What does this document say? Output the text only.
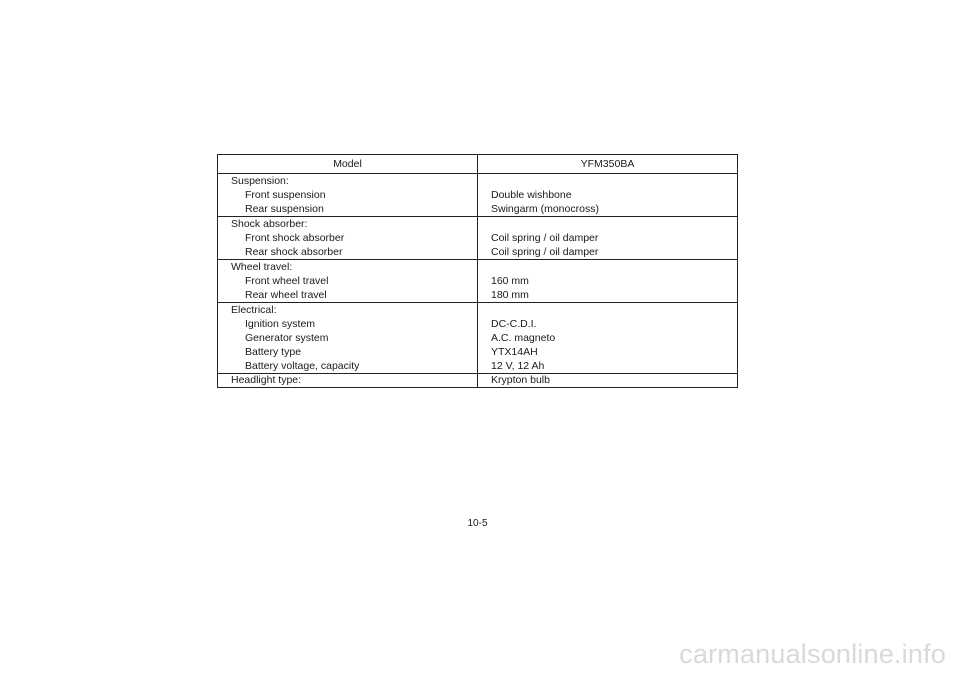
Model	YFM350BA
Suspension:
Front suspension
Rear suspension
Double wishbone
Swingarm (monocross)
Shock absorber:
Front shock absorber
Rear shock absorber
Coil spring / oil damper
Coil spring / oil damper
Wheel travel:
Front wheel travel
Rear wheel travel
160 mm
180 mm
Electrical:
Ignition system
Generator system
Battery type
Battery voltage, capacity
DC-C.D.I.
A.C. magneto
YTX14AH
12 V, 12 Ah
Headlight type:	Krypton bulb
10-5
carmanualsonline.info
